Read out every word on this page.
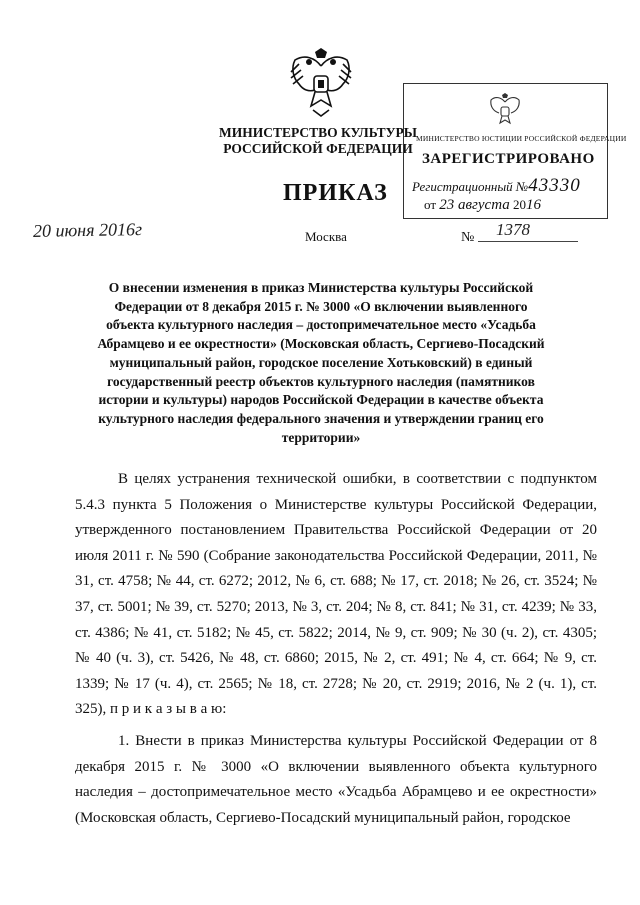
МИНИСТЕРСТВО КУЛЬТУРЫ
РОССИЙСКОЙ ФЕДЕРАЦИИ
ПРИКАЗ
20 июня 2016г	Москва	№	1378
МИНИСТЕРСТВО ЮСТИЦИИ РОССИЙСКОЙ ФЕДЕРАЦИИ
ЗАРЕГИСТРИРОВАНО
Регистрационный №43330
от 23 августа 2016
О внесении изменения в приказ Министерства культуры Российской Федерации от 8 декабря 2015 г. № 3000 «О включении выявленного объекта культурного наследия – достопримечательное место «Усадьба Абрамцево и ее окрестности» (Московская область, Сергиево-Посадский муниципальный район, городское поселение Хотьковский) в единый государственный реестр объектов культурного наследия (памятников истории и культуры) народов Российской Федерации в качестве объекта культурного наследия федерального значения и утверждении границ его территории»

В целях устранения технической ошибки, в соответствии с подпунктом 5.4.3 пункта 5 Положения о Министерстве культуры Российской Федерации, утвержденного постановлением Правительства Российской Федерации от 20 июля 2011 г. № 590 (Собрание законодательства Российской Федерации, 2011, № 31, ст. 4758; № 44, ст. 6272; 2012, № 6, ст. 688; № 17, ст. 2018; № 26, ст. 3524; № 37, ст. 5001; № 39, ст. 5270; 2013, № 3, ст. 204; № 8, ст. 841; № 31, ст. 4239; № 33, ст. 4386; № 41, ст. 5182; № 45, ст. 5822; 2014, № 9, ст. 909; № 30 (ч. 2), ст. 4305; № 40 (ч. 3), ст. 5426, № 48, ст. 6860; 2015, № 2, ст. 491; № 4, ст. 664; № 9, ст. 1339; № 17 (ч. 4), ст. 2565; № 18, ст. 2728; № 20, ст. 2919; 2016, № 2 (ч. 1), ст. 325), п р и к а з ы в а ю:

1. Внести в приказ Министерства культуры Российской Федерации от 8 декабря 2015 г. № 3000 «О включении выявленного объекта культурного наследия – достопримечательное место «Усадьба Абрамцево и ее окрестности» (Московская область, Сергиево-Посадский муниципальный район, городское
